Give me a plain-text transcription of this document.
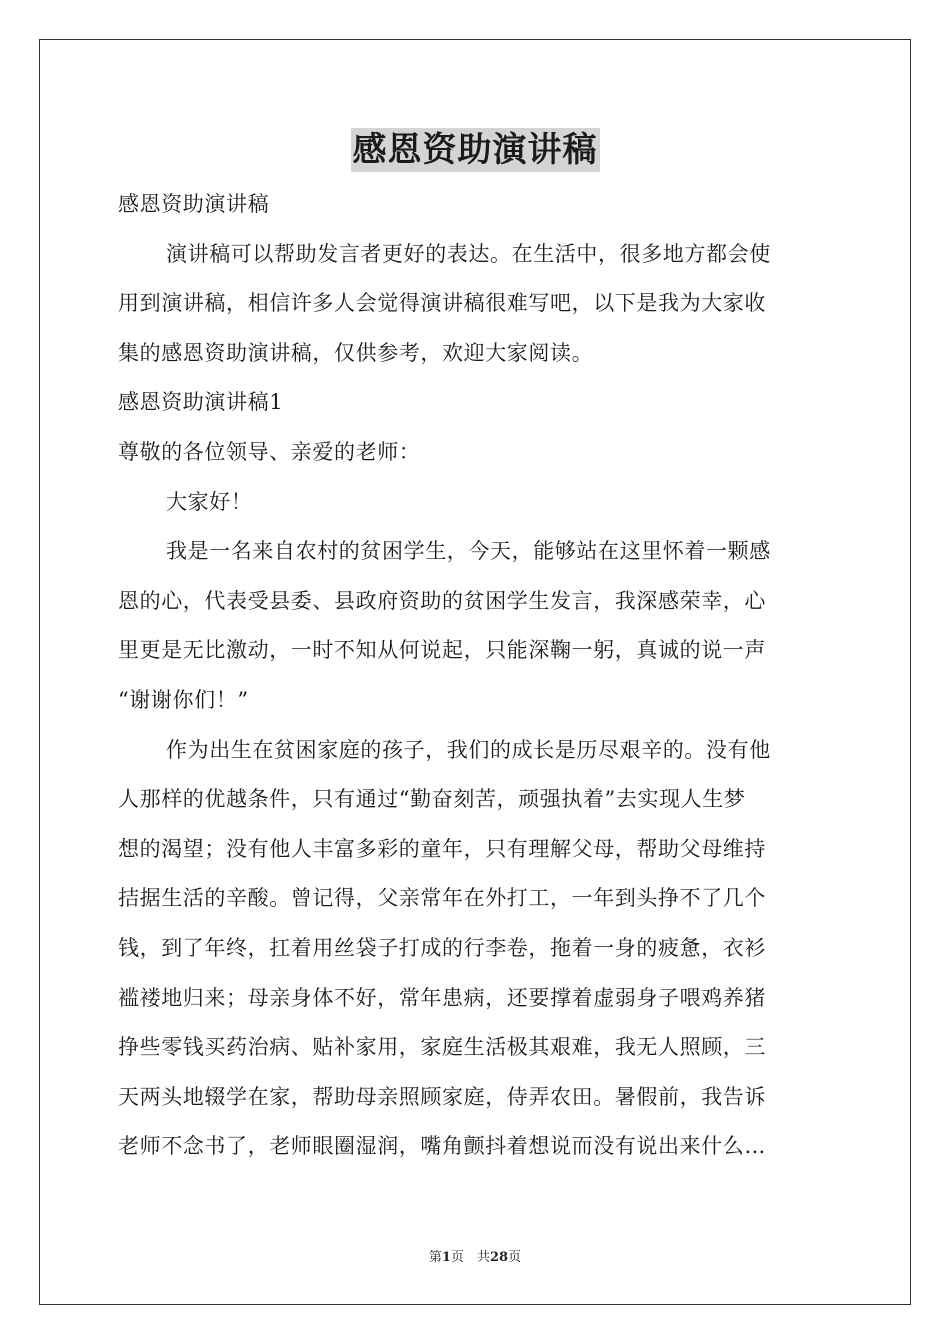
感恩资助演讲稿
感恩资助演讲稿
演讲稿可以帮助发言者更好的表达。在生活中，很多地方都会使
用到演讲稿，相信许多人会觉得演讲稿很难写吧，以下是我为大家收
集的感恩资助演讲稿，仅供参考，欢迎大家阅读。
感恩资助演讲稿1
尊敬的各位领导、亲爱的老师：
大家好！
我是一名来自农村的贫困学生，今天，能够站在这里怀着一颗感
恩的心，代表受县委、县政府资助的贫困学生发言，我深感荣幸，心
里更是无比激动，一时不知从何说起，只能深鞠一躬，真诚的说一声
“谢谢你们！”
作为出生在贫困家庭的孩子，我们的成长是历尽艰辛的。没有他
人那样的优越条件，只有通过“勤奋刻苦，顽强执着”去实现人生梦
想的渴望；没有他人丰富多彩的童年，只有理解父母，帮助父母维持
拮据生活的辛酸。曾记得，父亲常年在外打工，一年到头挣不了几个
钱，到了年终，扛着用丝袋子打成的行李卷，拖着一身的疲惫，衣衫
褴褛地归来；母亲身体不好，常年患病，还要撑着虚弱身子喂鸡养猪
挣些零钱买药治病、贴补家用，家庭生活极其艰难，我无人照顾，三
天两头地辍学在家，帮助母亲照顾家庭，侍弄农田。暑假前，我告诉
老师不念书了，老师眼圈湿润，嘴角颤抖着想说而没有说出来什么…
第1页　共28页
